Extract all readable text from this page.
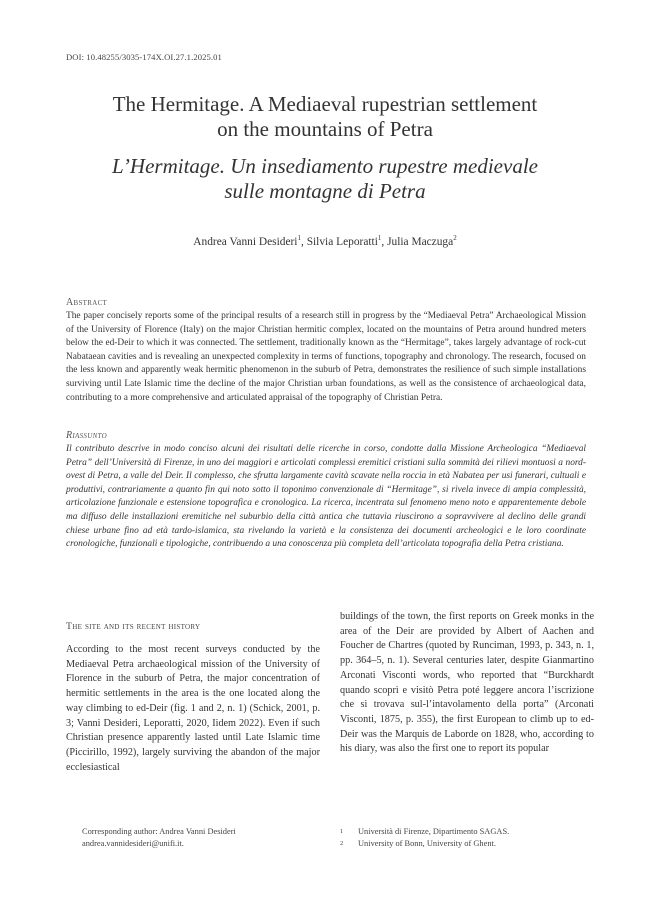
DOI: 10.48255/3035-174X.OI.27.1.2025.01
The Hermitage. A Mediaeval rupestrian settlement
on the mountains of Petra
L’Hermitage. Un insediamento rupestre medievale
sulle montagne di Petra
Andrea Vanni Desideri$^1$, Silvia Leporatti$^1$, Julia Maczuga$^2$
Abstract
The paper concisely reports some of the principal results of a research still in progress by the “Mediaeval Petra” Archaeological Mission of the University of Florence (Italy) on the major Christian hermitic complex, located on the mountains of Petra around hundred meters below the ed-Deir to which it was connected. The settlement, traditionally known as the “Hermitage”, takes largely advantage of rock-cut Nabataean cavities and is revealing an unexpected complexity in terms of functions, topography and chronology. The research, focused on the less known and apparently weak hermitic phenomenon in the suburb of Petra, demonstrates the resilience of such simple installations surviving until Late Islamic time the decline of the major Christian urban foundations, as well as the consistence of archaeological data, contributing to a more comprehensive and articulated appraisal of the topography of Christian Petra.
Riassunto
Il contributo descrive in modo conciso alcuni dei risultati delle ricerche in corso, condotte dalla Missione Archeologica “Mediaeval Petra” dell’Università di Firenze, in uno dei maggiori e articolati complessi eremitici cristiani sulla sommità dei rilievi montuosi a nord-ovest di Petra, a valle del Deir. Il complesso, che sfrutta largamente cavità scavate nella roccia in età Nabatea per usi funerari, cultuali e produttivi, contrariamente a quanto fin qui noto sotto il toponimo convenzionale di “Hermitage”, si rivela invece di ampia complessità, articolazione funzionale e estensione topografica e cronologica. La ricerca, incentrata sul fenomeno meno noto e apparentemente debole ma diffuso delle installazioni eremitiche nel suburbio della città antica che tuttavia riuscirono a sopravvivere al declino delle grandi chiese urbane fino ad età tardo-islamica, sta rivelando la varietà e la consistenza dei documenti archeologici e le loro coordinate cronologiche, funzionali e tipologiche, contribuendo a una conoscenza più completa dell’articolata topografia della Petra cristiana.
The site and its recent history

According to the most recent surveys conducted by the Mediaeval Petra archaeological mission of the University of Florence in the suburb of Petra, the major concentration of hermitic settlements in the area is the one located along the way climbing to ed-Deir (fig. 1 and 2, n. 1) (Schick, 2001, p. 3; Vanni Desideri, Leporatti, 2020, Iidem 2022). Even if such Christian presence apparently lasted until Late Islamic time (Piccirillo, 1992), largely surviving the abandon of the major ecclesiastical

buildings of the town, the first reports on Greek monks in the area of the Deir are provided by Albert of Aachen and Foucher de Chartres (quoted by Runciman, 1993, p. 343, n. 1, pp. 364–5, n. 1). Several centuries later, despite Gianmartino Arconati Visconti words, who reported that “Burckhardt quando scoprì e visitò Petra poté leggere ancora l’iscrizione che si trovava sul-l’intavolamento della porta” (Arconati Visconti, 1875, p. 355), the first European to climb up to ed-Deir was the Marquis de Laborde on 1828, who, according to his diary, was also the first one to report its popular

Corresponding author: Andrea Vanni Desideri
andrea.vannidesideri@unifi.it.
1	Università di Firenze, Dipartimento SAGAS.
2	University of Bonn, University of Ghent.
